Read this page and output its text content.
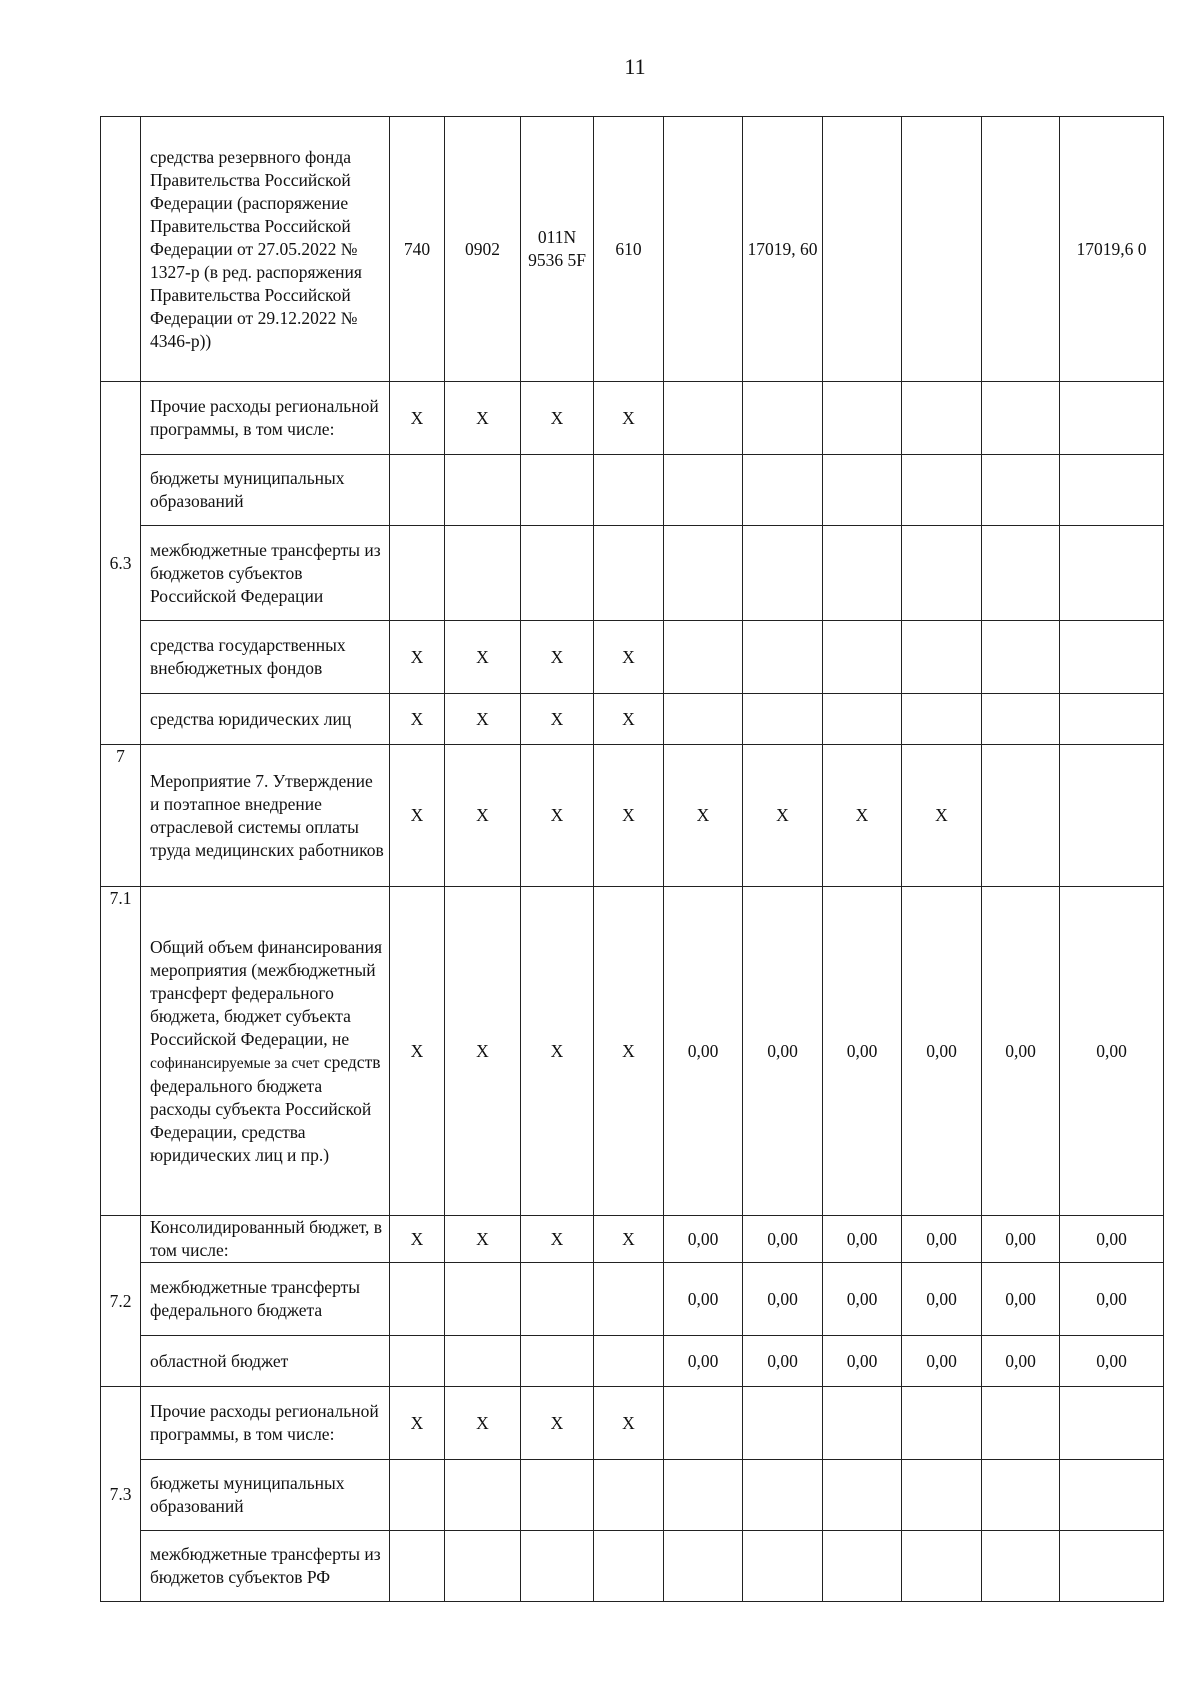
11
	средства резервного фонда Правительства Российской Федерации (распоряжение Правительства Российской Федерации от 27.05.2022 № 1327-р (в ред. распоряжения Правительства Российской Федерации от 29.12.2022 № 4346-р))	740	0902	011N 9536 5F	610		17019, 60				17019,6 0
6.3	Прочие расходы региональной программы, в том числе:	X	X	X	X						
	бюджеты муниципальных образований										
	межбюджетные трансферты из бюджетов субъектов Российской Федерации										
	средства государственных внебюджетных фондов	X	X	X	X						
	средства юридических лиц	X	X	X	X						
7	Мероприятие 7. Утверждение и поэтапное внедрение отраслевой системы оплаты труда медицинских работников	X	X	X	X	X	X	X	X		
7.1	Общий объем финансирования мероприятия (межбюджетный трансферт федерального бюджета, бюджет субъекта Российской Федерации, не софинансируемые за счет средств федерального бюджета расходы субъекта Российской Федерации, средства юридических лиц и пр.)	X	X	X	X	0,00	0,00	0,00	0,00	0,00	0,00
7.2	Консолидированный бюджет, в том числе:	X	X	X	X	0,00	0,00	0,00	0,00	0,00	0,00
	межбюджетные трансферты федерального бюджета					0,00	0,00	0,00	0,00	0,00	0,00
	областной бюджет					0,00	0,00	0,00	0,00	0,00	0,00
7.3	Прочие расходы региональной программы, в том числе:	X	X	X	X						
	бюджеты муниципальных образований										
	межбюджетные трансферты из бюджетов субъектов РФ										
